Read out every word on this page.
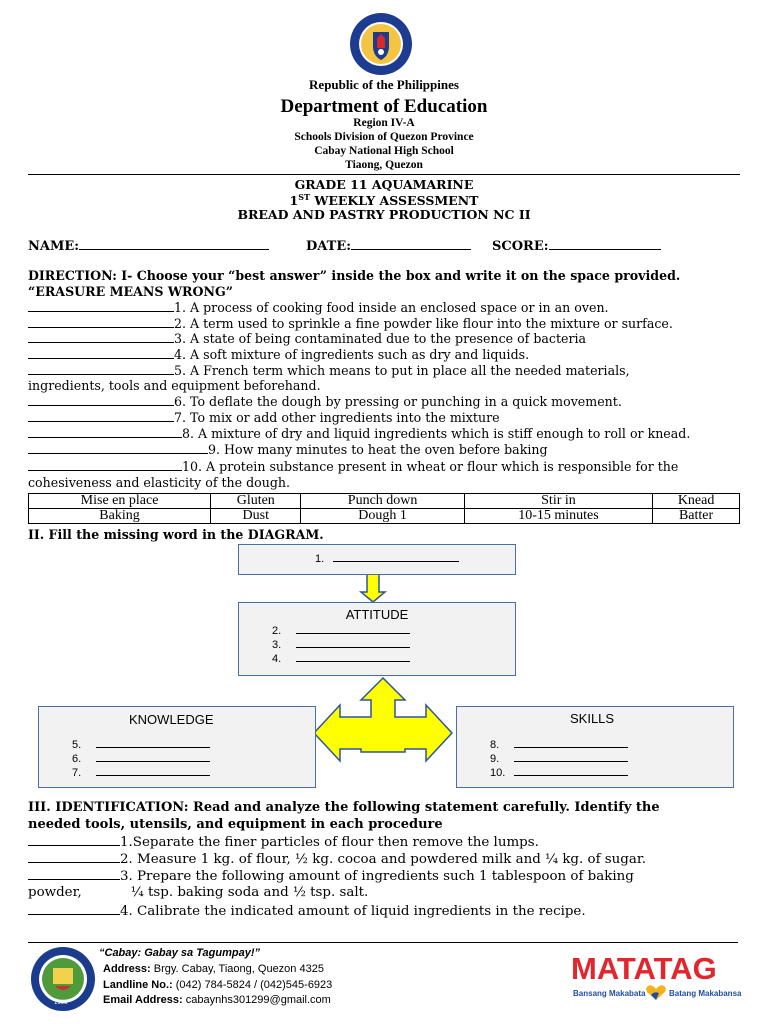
Republic of the Philippines
Department of Education
Region IV-A
Schools Division of Quezon Province
Cabay National High School
Tiaong, Quezon
GRADE 11 AQUAMARINE
1ST WEEKLY ASSESSMENT
BREAD AND PASTRY PRODUCTION NC II
NAME:	DATE:	SCORE:
DIRECTION: I- Choose your “best answer” inside the box and write it on the space provided.
“ERASURE MEANS WRONG”
1. A process of cooking food inside an enclosed space or in an oven.
2. A term used to sprinkle a fine powder like flour into the mixture or surface.
3. A state of being contaminated due to the presence of bacteria
4. A soft mixture of ingredients such as dry and liquids.
5. A French term which means to put in place all the needed materials,
ingredients, tools and equipment beforehand.
6. To deflate the dough by pressing or punching in a quick movement.
7. To mix or add other ingredients into the mixture
8. A mixture of dry and liquid ingredients which is stiff enough to roll or knead.
9. How many minutes to heat the oven before baking
10. A protein substance present in wheat or flour which is responsible for the
cohesiveness and elasticity of the dough.
Mise en place	Gluten	Punch down	Stir in	Knead
Baking	Dust	Dough 1	10-15 minutes	Batter
II. Fill the missing word in the DIAGRAM.
1.
ATTITUDE
2.
3.
4.
KNOWLEDGE
5.
6.
7.
SKILLS
8.
9.
10.
III. IDENTIFICATION: Read and analyze the following statement carefully. Identify the
needed tools, utensils, and equipment in each procedure
1.Separate the finer particles of flour then remove the lumps.
2. Measure 1 kg. of flour, ½ kg. cocoa and powdered milk and ¼ kg. of sugar.
3. Prepare the following amount of ingredients such 1 tablespoon of baking
powder,	¼ tsp. baking soda and ½ tsp. salt.
4. Calibrate the indicated amount of liquid ingredients in the recipe.
1966
“Cabay: Gabay sa Tagumpay!”
Address: Brgy. Cabay, Tiaong, Quezon 4325
Landline No.: (042) 784-5824 / (042)545-6923
Email Address: cabaynhs301299@gmail.com
MATATAG
Bansang Makabata	Batang Makabansa
